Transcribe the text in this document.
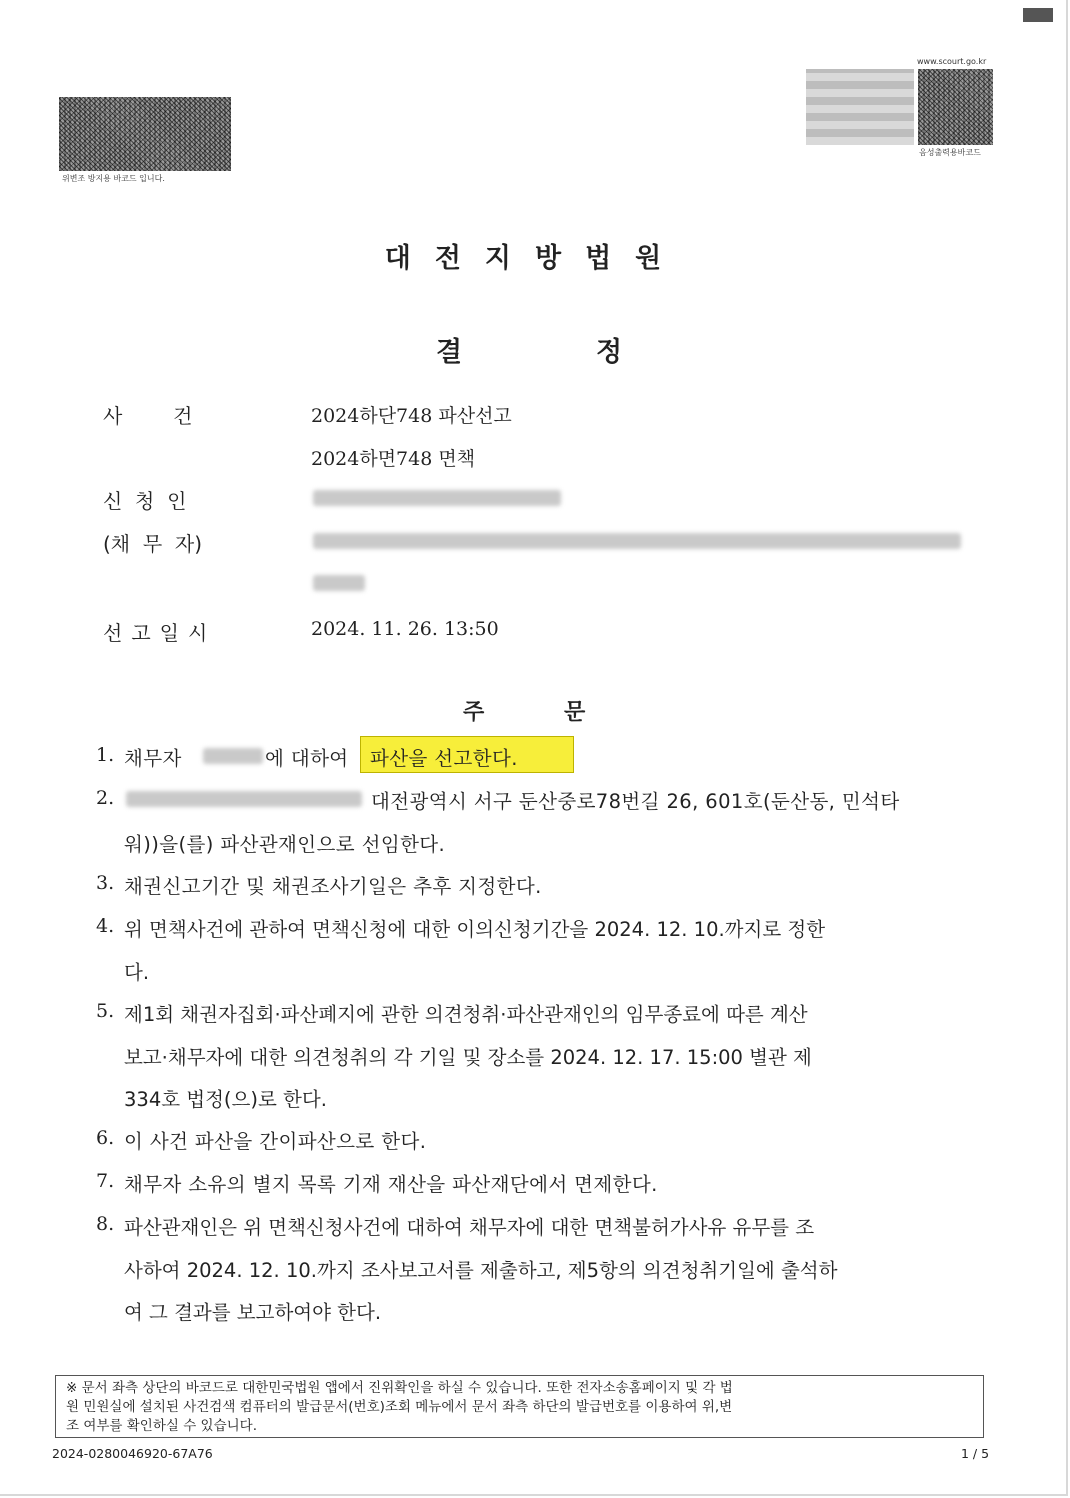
위변조 방지용 바코드 입니다.
www.scourt.go.kr
음성출력용바코드
대전지방법원
결	정
사        건	2024하단748 파산선고
2024하면748 면책
신  청  인
(채  무  자)
선고일시	2024. 11. 26. 13:50
주	문
1. 채무자	에 대하여 파산을 선고한다.
2.	대전광역시 서구 둔산중로78번길 26, 601호(둔산동, 민석타
워))을(를) 파산관재인으로 선임한다.
3. 채권신고기간 및 채권조사기일은 추후 지정한다.
4. 위 면책사건에 관하여 면책신청에 대한 이의신청기간을 2024. 12. 10.까지로 정한
다.
5. 제1회 채권자집회·파산폐지에 관한 의견청취·파산관재인의 임무종료에 따른 계산
보고·채무자에 대한 의견청취의 각 기일 및 장소를 2024. 12. 17. 15:00 별관 제
334호 법정(으)로 한다.
6. 이 사건 파산을 간이파산으로 한다.
7. 채무자 소유의 별지 목록 기재 재산을 파산재단에서 면제한다.
8. 파산관재인은 위 면책신청사건에 대하여 채무자에 대한 면책불허가사유 유무를 조
사하여 2024. 12. 10.까지 조사보고서를 제출하고, 제5항의 의견청취기일에 출석하
여 그 결과를 보고하여야 한다.
※ 문서 좌측 상단의 바코드로 대한민국법원 앱에서 진위확인을 하실 수 있습니다. 또한 전자소송홈페이지 및 각 법
원 민원실에 설치된 사건검색 컴퓨터의 발급문서(번호)조회 메뉴에서 문서 좌측 하단의 발급번호를 이용하여 위,변
조 여부를 확인하실 수 있습니다.
2024-0280046920-67A76	1 / 5
